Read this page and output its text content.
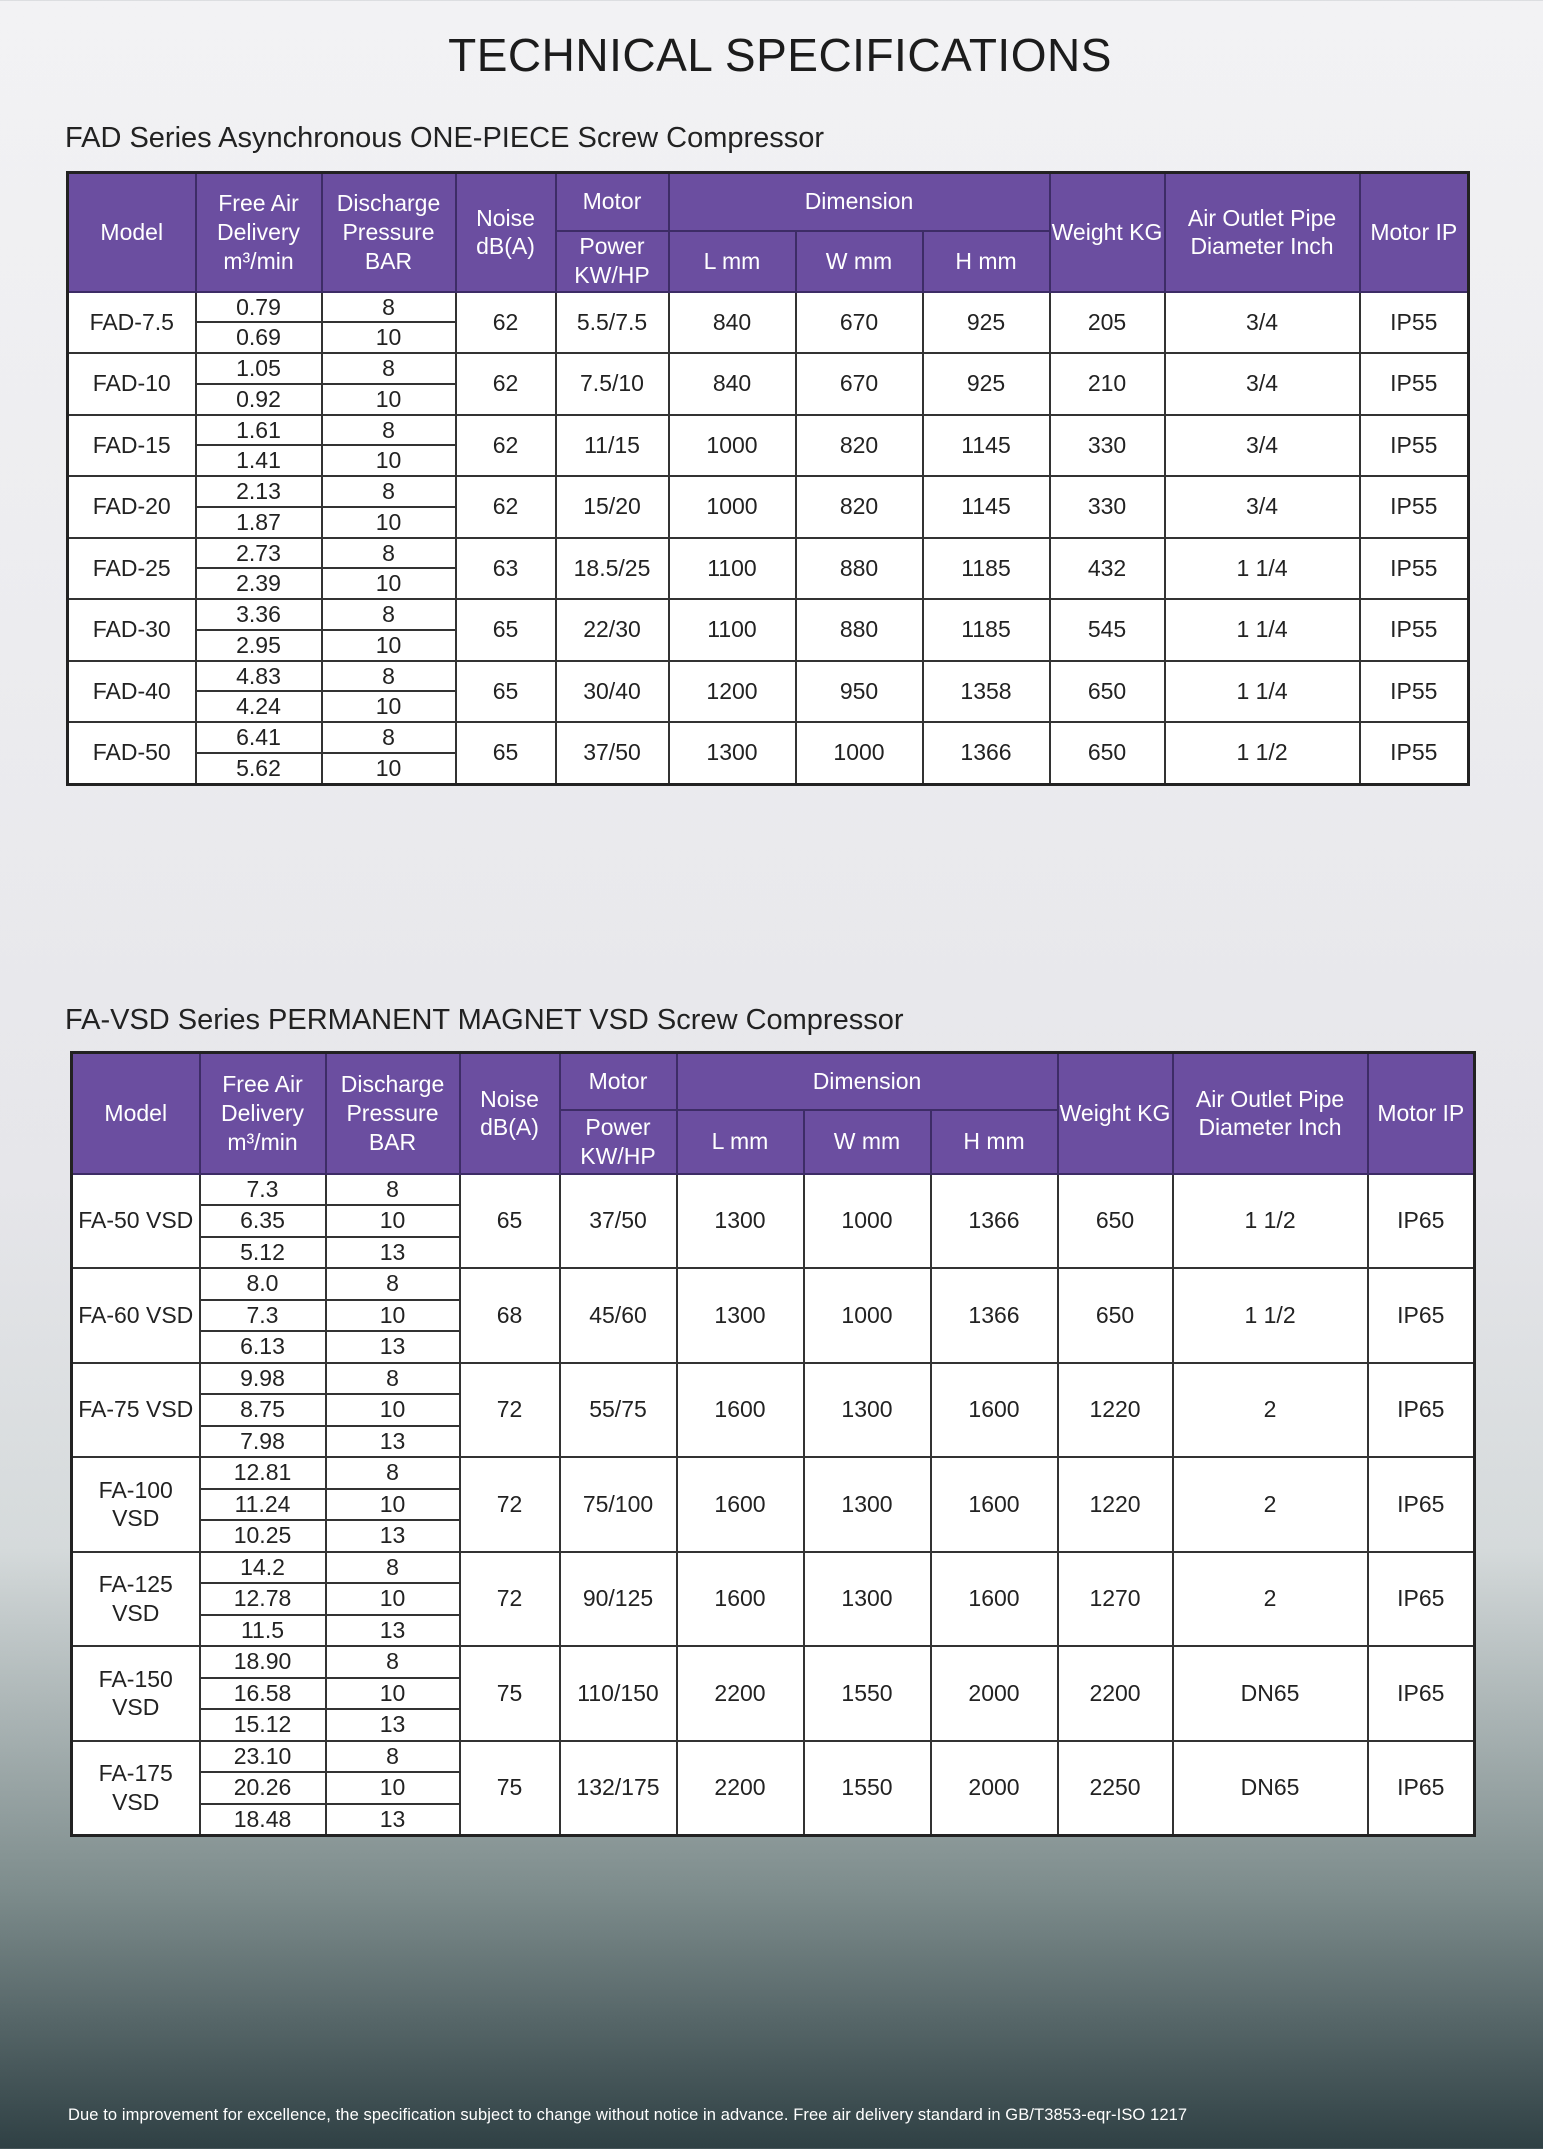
TECHNICAL SPECIFICATIONS
FAD Series Asynchronous ONE-PIECE Screw Compressor
FA-VSD Series PERMANENT MAGNET VSD Screw Compressor
Model	Free Air Delivery m³/min	Discharge Pressure BAR	Noise dB(A)	Motor	Dimension			Weight KG	Air Outlet Pipe Diameter Inch	Motor IP
				Power KW/HP	L mm	W mm	H mm			
FAD-7.5	0.79	8	62	5.5/7.5	840	670	925	205	3/4	IP55
	0.69	10								
FAD-10	1.05	8	62	7.5/10	840	670	925	210	3/4	IP55
	0.92	10								
FAD-15	1.61	8	62	11/15	1000	820	1145	330	3/4	IP55
	1.41	10								
FAD-20	2.13	8	62	15/20	1000	820	1145	330	3/4	IP55
	1.87	10								
FAD-25	2.73	8	63	18.5/25	1100	880	1185	432	1 1/4	IP55
	2.39	10								
FAD-30	3.36	8	65	22/30	1100	880	1185	545	1 1/4	IP55
	2.95	10								
FAD-40	4.83	8	65	30/40	1200	950	1358	650	1 1/4	IP55
	4.24	10								
FAD-50	6.41	8	65	37/50	1300	1000	1366	650	1 1/2	IP55
	5.62	10								
Model	Free Air Delivery m³/min	Discharge Pressure BAR	Noise dB(A)	Motor	Dimension			Weight KG	Air Outlet Pipe Diameter Inch	Motor IP
				Power KW/HP	L mm	W mm	H mm			
FA-50 VSD	7.3	8	65	37/50	1300	1000	1366	650	1 1/2	IP65
	6.35	10								
	5.12	13								
FA-60 VSD	8.0	8	68	45/60	1300	1000	1366	650	1 1/2	IP65
	7.3	10								
	6.13	13								
FA-75 VSD	9.98	8	72	55/75	1600	1300	1600	1220	2	IP65
	8.75	10								
	7.98	13								
FA-100 VSD	12.81	8	72	75/100	1600	1300	1600	1220	2	IP65
	11.24	10								
	10.25	13								
FA-125 VSD	14.2	8	72	90/125	1600	1300	1600	1270	2	IP65
	12.78	10								
	11.5	13								
FA-150 VSD	18.90	8	75	110/150	2200	1550	2000	2200	DN65	IP65
	16.58	10								
	15.12	13								
FA-175 VSD	23.10	8	75	132/175	2200	1550	2000	2250	DN65	IP65
	20.26	10								
	18.48	13								
Due to improvement for excellence, the specification subject to change without notice in advance. Free air delivery standard in GB/T3853-eqr-ISO 1217
